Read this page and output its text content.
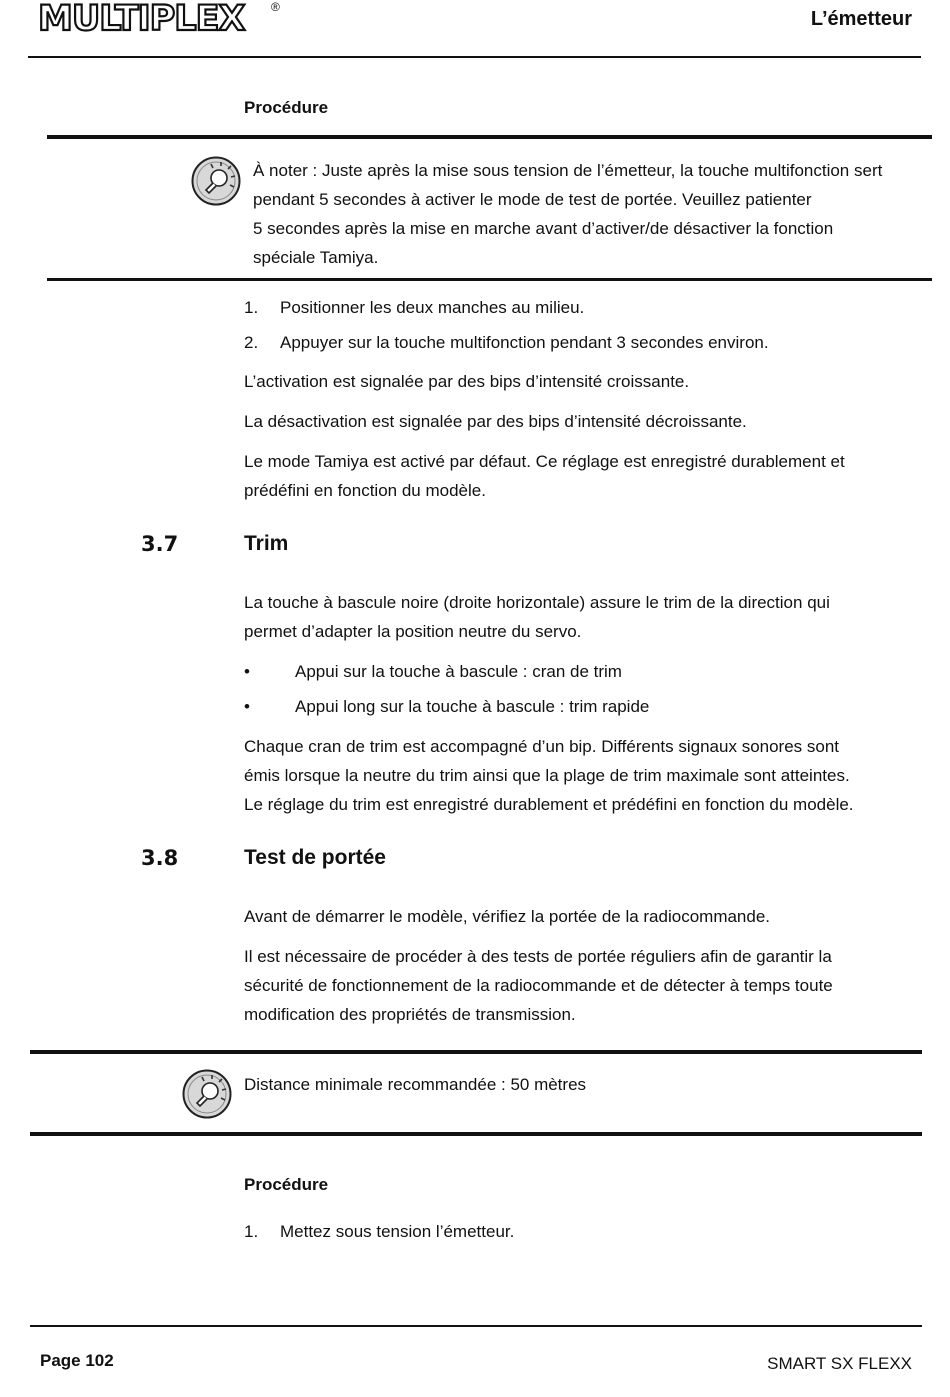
MULTIPLEX ®
L’émetteur
Procédure
À noter : Juste après la mise sous tension de l’émetteur, la touche multifonction sert
pendant 5 secondes à activer le mode de test de portée. Veuillez patienter
5 secondes après la mise en marche avant d’activer/de désactiver la fonction
spéciale Tamiya.
1. Positionner les deux manches au milieu.
2. Appuyer sur la touche multifonction pendant 3 secondes environ.
L’activation est signalée par des bips d’intensité croissante.
La désactivation est signalée par des bips d’intensité décroissante.
Le mode Tamiya est activé par défaut. Ce réglage est enregistré durablement et
prédéfini en fonction du modèle.
3.7	Trim
La touche à bascule noire (droite horizontale) assure le trim de la direction qui
permet d’adapter la position neutre du servo.
•	Appui sur la touche à bascule : cran de trim
•	Appui long sur la touche à bascule : trim rapide
Chaque cran de trim est accompagné d’un bip. Différents signaux sonores sont
émis lorsque la neutre du trim ainsi que la plage de trim maximale sont atteintes.
Le réglage du trim est enregistré durablement et prédéfini en fonction du modèle.
3.8	Test de portée
Avant de démarrer le modèle, vérifiez la portée de la radiocommande.
Il est nécessaire de procéder à des tests de portée réguliers afin de garantir la
sécurité de fonctionnement de la radiocommande et de détecter à temps toute
modification des propriétés de transmission.
Distance minimale recommandée : 50 mètres
Procédure
1. Mettez sous tension l’émetteur.
Page 102	SMART SX FLEXX
